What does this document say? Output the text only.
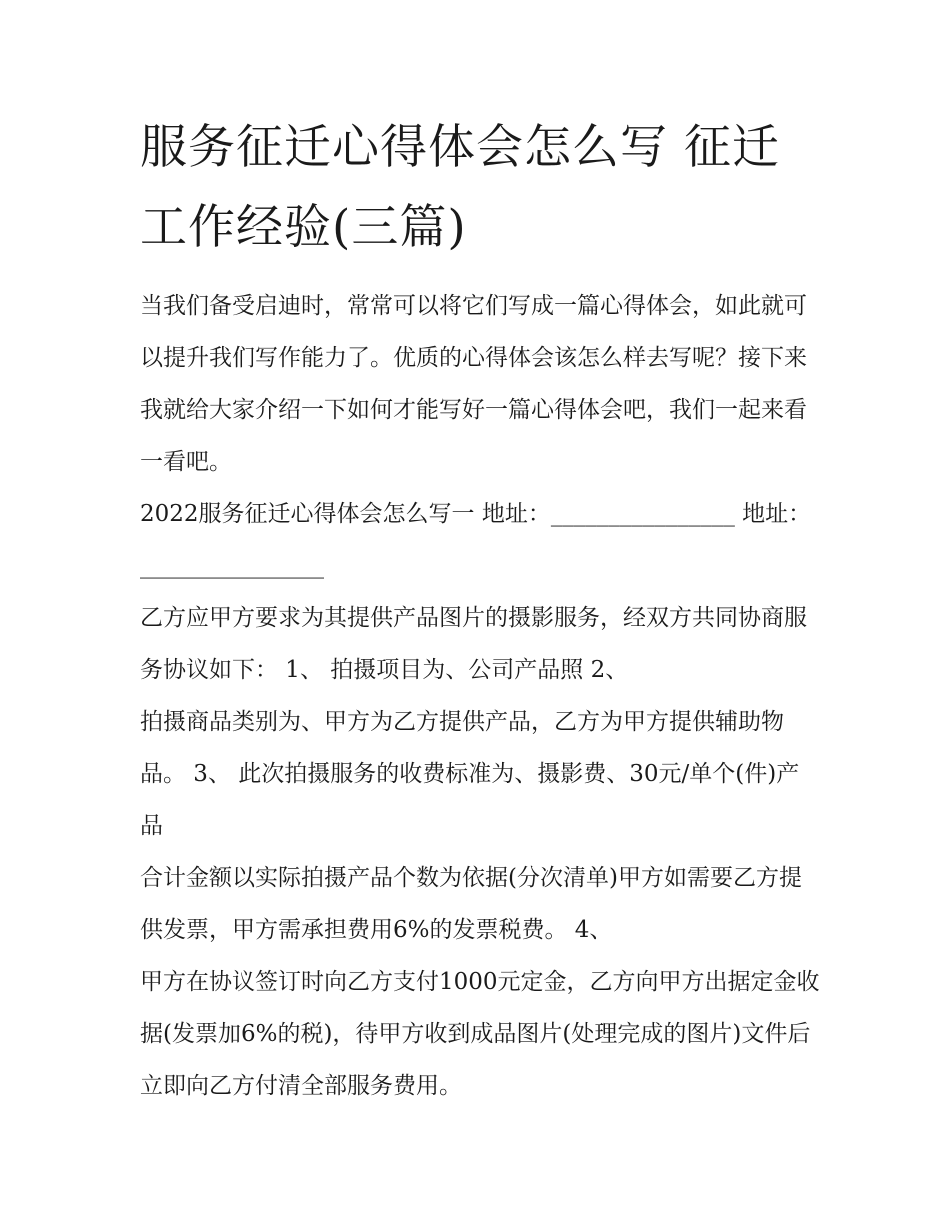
服务征迁心得体会怎么写 征迁工作经验(三篇)

当我们备受启迪时，常常可以将它们写成一篇心得体会，如此就可以提升我们写作能力了。优质的心得体会该怎么样去写呢？接下来我就给大家介绍一下如何才能写好一篇心得体会吧，我们一起来看一看吧。

2022服务征迁心得体会怎么写一 地址：________________ 地址：________________

乙方应甲方要求为其提供产品图片的摄影服务，经双方共同协商服务协议如下： 1、 拍摄项目为、公司产品照 2、

拍摄商品类别为、甲方为乙方提供产品，乙方为甲方提供辅助物品。 3、 此次拍摄服务的收费标准为、摄影费、30元/单个(件)产品

合计金额以实际拍摄产品个数为依据(分次清单)甲方如需要乙方提供发票，甲方需承担费用6%的发票税费。 4、

甲方在协议签订时向乙方支付1000元定金，乙方向甲方出据定金收据(发票加6%的税)，待甲方收到成品图片(处理完成的图片)文件后立即向乙方付清全部服务费用。
